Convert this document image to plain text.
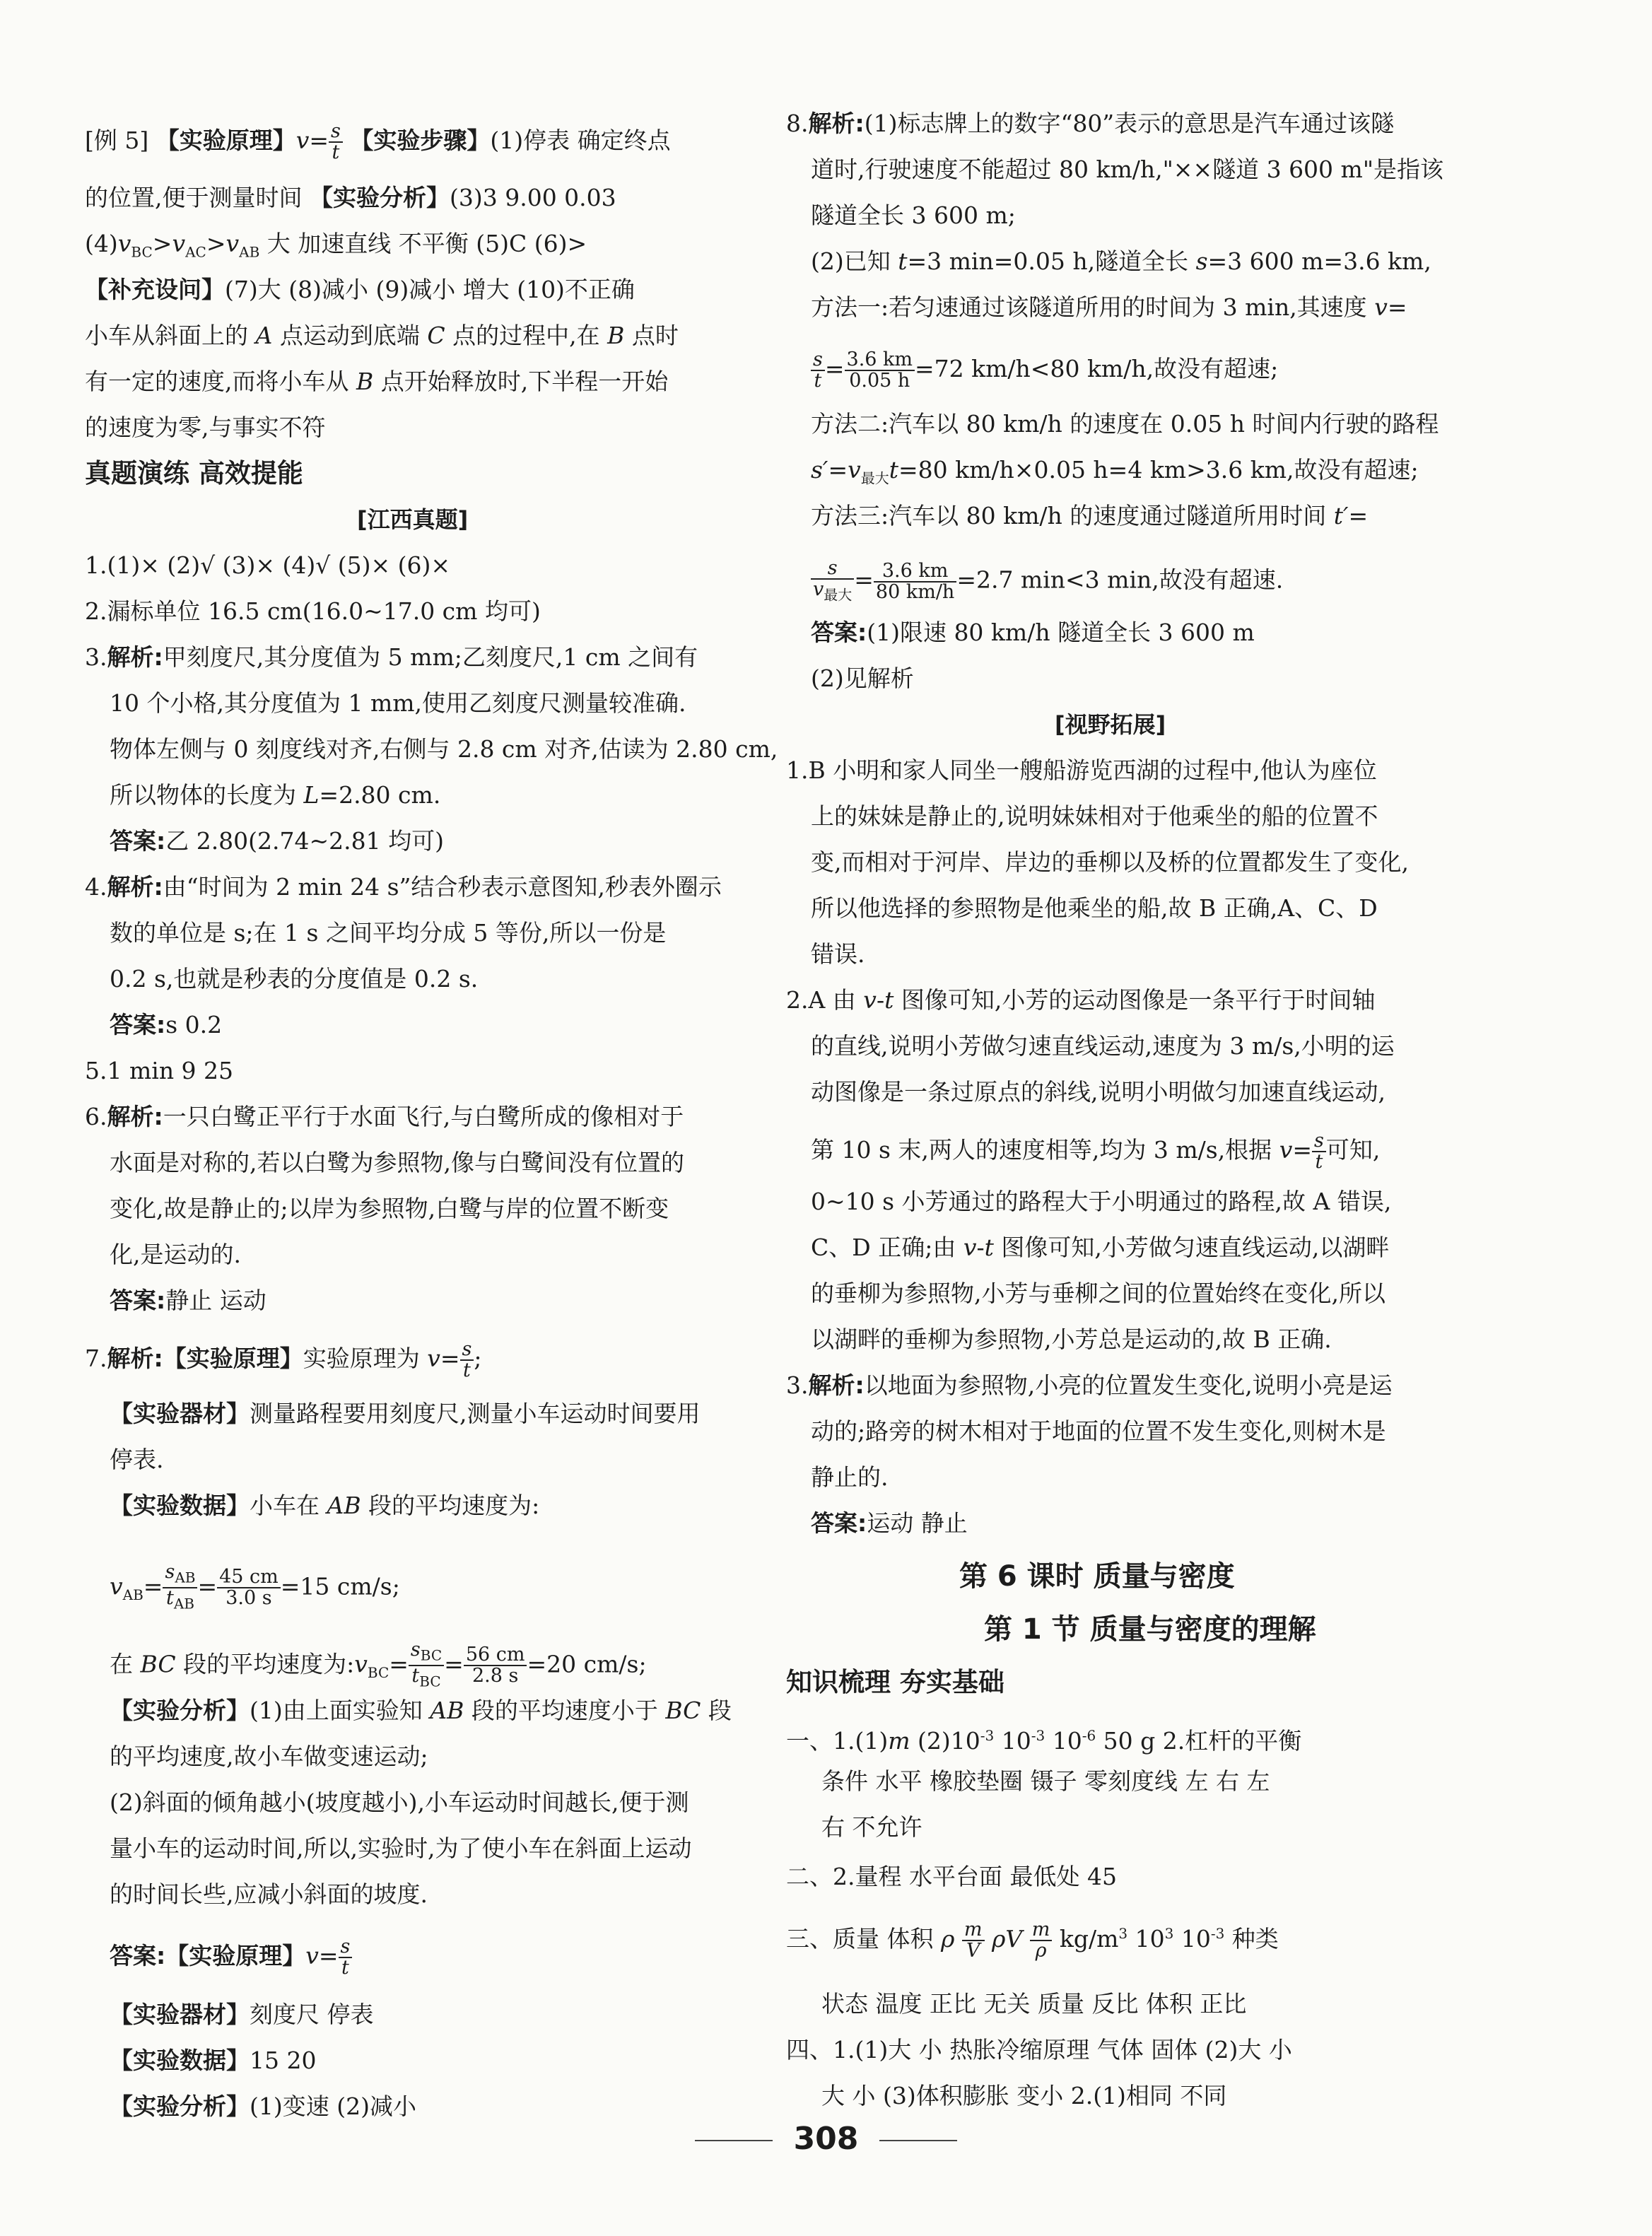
[例 5] 【实验原理】$v= \frac{s}{t}$ 【实验步骤】(1)停表 确定终点
的位置,便于测量时间 【实验分析】(3)3 9.00 0.03
$(4)v_{BC}>v_{AC}>v_{AB}$ 大 加速直线 不平衡 (5)C (6)>
【补充设问】(7)大 (8)减小 (9)减小 增大 (10)不正确
小车从斜面上的 A 点运动到底端 C 点的过程中,在 B 点时
有一定的速度,而将小车从 B 点开始释放时,下半程一开始
的速度为零,与事实不符
真题演练 高效提能
[江西真题]
1.(1)× (2)√ (3)× (4)√ (5)× (6)×
2.漏标单位 16.5 cm(16.0~17.0 cm 均可)
3.解析:甲刻度尺,其分度值为 5 mm;乙刻度尺,1 cm 之间有
10 个小格,其分度值为 1 mm,使用乙刻度尺测量较准确.
物体左侧与 0 刻度线对齐,右侧与 2.8 cm 对齐,估读为 2.80 cm,
所以物体的长度为 L=2.80 cm.
答案:乙 2.80(2.74~2.81 均可)
4.解析:由“时间为 2 min 24 s”结合秒表示意图知,秒表外圈示
数的单位是 s;在 1 s 之间平均分成 5 等份,所以一份是
0.2 s,也就是秒表的分度值是 0.2 s.
答案:s 0.2
5.1 min 9 25
6.解析:一只白鹭正平行于水面飞行,与白鹭所成的像相对于
水面是对称的,若以白鹭为参照物,像与白鹭间没有位置的
变化,故是静止的;以岸为参照物,白鹭与岸的位置不断变
化,是运动的.
答案:静止 运动
7.解析:【实验原理】实验原理为 $v= \frac{s}{t}$ ;
【实验器材】测量路程要用刻度尺,测量小车运动时间要用
停表.
【实验数据】小车在 AB 段的平均速度为:
$v_{AB}= \frac{s_{AB}}{t_{AB}} = \frac{45 cm}{3.0 s} =15$ cm/s;
在 BC 段的平均速度为$:v_{BC}= \frac{s_{BC}}{t_{BC}} = \frac{56 cm}{2.8 s} =20$ cm/s;
【实验分析】(1)由上面实验知 AB 段的平均速度小于 BC 段
的平均速度,故小车做变速运动;
(2)斜面的倾角越小(坡度越小),小车运动时间越长,便于测
量小车的运动时间,所以,实验时,为了使小车在斜面上运动
的时间长些,应减小斜面的坡度.
答案:【实验原理】$v= \frac{s}{t}$
【实验器材】刻度尺 停表
【实验数据】15 20
【实验分析】(1)变速 (2)减小
8.解析:(1)标志牌上的数字“80”表示的意思是汽车通过该隧
道时,行驶速度不能超过 80 km/h,"××隧道 3 600 m"是指该
隧道全长 3 600 m;
(2)已知 t=3 min=0.05 h,隧道全长 s=3 600 m=3.6 km,
方法一:若匀速通过该隧道所用的时间为 3 min,其速度 v=
$\frac{s}{t} = \frac{3.6 km}{0.05 h} =72$ km/h<80 km/h,故没有超速;
方法二:汽车以 80 km/h 的速度在 0.05 h 时间内行驶的路程
$s'=v_{最大}t=80$ km/h×0.05 h=4 km>3.6 km,故没有超速;
方法三:汽车以 80 km/h 的速度通过隧道所用时间 t′=
$\frac{s}{v_{最大}} = \frac{3.6 km}{80 km/h} =2.7$ min<3 min,故没有超速.
答案:(1)限速 80 km/h 隧道全长 3 600 m
(2)见解析
[视野拓展]
1.B 小明和家人同坐一艘船游览西湖的过程中,他认为座位
上的妹妹是静止的,说明妹妹相对于他乘坐的船的位置不
变,而相对于河岸、岸边的垂柳以及桥的位置都发生了变化,
所以他选择的参照物是他乘坐的船,故 B 正确,A、C、D
错误.
2.A 由 v-t 图像可知,小芳的运动图像是一条平行于时间轴
的直线,说明小芳做匀速直线运动,速度为 3 m/s,小明的运
动图像是一条过原点的斜线,说明小明做匀加速直线运动,
第 10 s 末,两人的速度相等,均为 3 m/s,根据 $v= \frac{s}{t}$ 可知,
0~10 s 小芳通过的路程大于小明通过的路程,故 A 错误,
C、D 正确;由 v-t 图像可知,小芳做匀速直线运动,以湖畔
的垂柳为参照物,小芳与垂柳之间的位置始终在变化,所以
以湖畔的垂柳为参照物,小芳总是运动的,故 B 正确.
3.解析:以地面为参照物,小亮的位置发生变化,说明小亮是运
动的;路旁的树木相对于地面的位置不发生变化,则树木是
静止的.
答案:运动 静止
第 6 课时 质量与密度
第 1 节 质量与密度的理解
知识梳理 夯实基础
一、1.(1)m $(2)10^{-3}$ $10^{-3}$ $10^{-6}$ 50 g 2.杠杆的平衡
条件 水平 橡胶垫圈 镊子 零刻度线 左 右 左
右 不允许
二、2.量程 水平台面 最低处 45
三、质量 体积 ρ $\frac{m}{V}$ ρV $\frac{m}{\rho} kg/m^3$ $10^3$ $10^{-3}$ 种类
状态 温度 正比 无关 质量 反比 体积 正比
四、1.(1)大 小 热胀冷缩原理 气体 固体 (2)大 小
大 小 (3)体积膨胀 变小 2.(1)相同 不同
308
